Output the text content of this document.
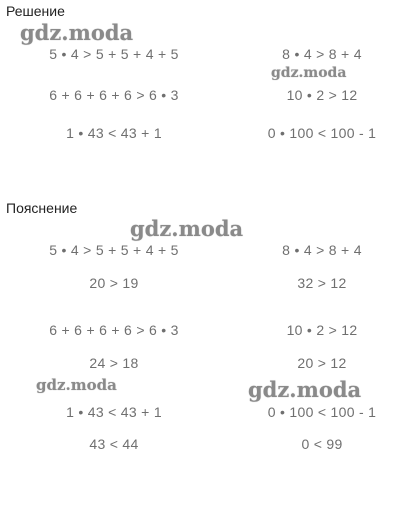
Решение
5 • 4 > 5 + 5 + 4 + 5	8 • 4 > 8 + 4
6 + 6 + 6 + 6 > 6 • 3	10 • 2 > 12
1 • 43 < 43 + 1	0 • 100 < 100 - 1
Пояснение
5 • 4 > 5 + 5 + 4 + 5	8 • 4 > 8 + 4
20 > 19	32 > 12
6 + 6 + 6 + 6 > 6 • 3	10 • 2 > 12
24 > 18	20 > 12
1 • 43 < 43 + 1	0 • 100 < 100 - 1
43 < 44	0 < 99
gdz.moda
gdz.moda
gdz.moda
gdz.moda	gdz.moda
